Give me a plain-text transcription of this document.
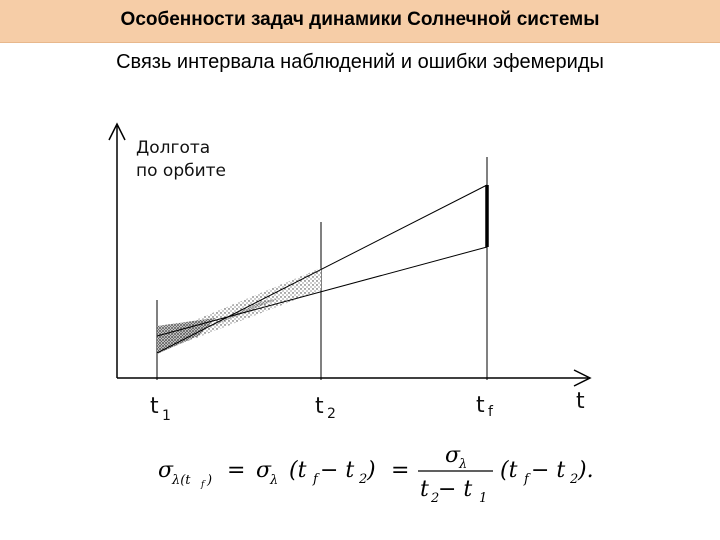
Особенности задач динамики Солнечной системы
Связь интервала наблюдений и ошибки эфемериды
Долгота
по орбите
t 1	t 2	t f	t
σ
λ(t f ) = σ
λ (t f − t 2 ) =
σ
λ
t 2
− t 1
(t f − t 2 ).
